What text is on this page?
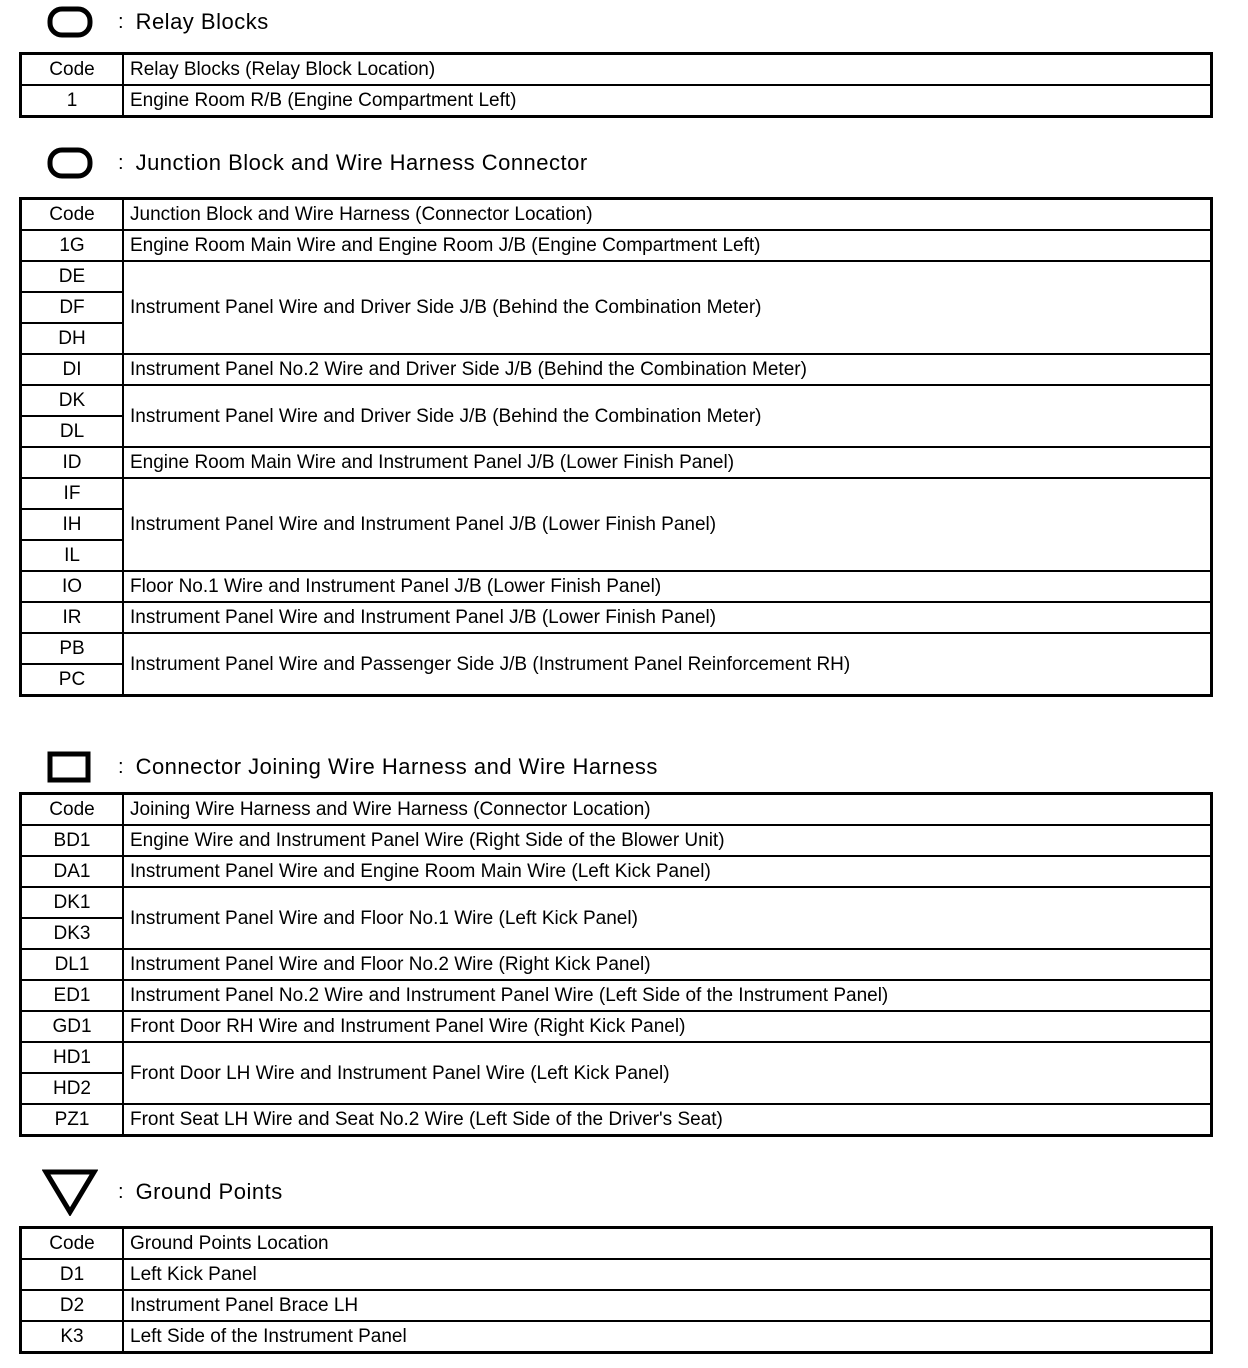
: Relay Blocks
Code	Relay Blocks (Relay Block Location)
1	Engine Room R/B (Engine Compartment Left)
: Junction Block and Wire Harness Connector
Code	Junction Block and Wire Harness (Connector Location)
1G	Engine Room Main Wire and Engine Room J/B (Engine Compartment Left)
DE	Instrument Panel Wire and Driver Side J/B (Behind the Combination Meter)
DF	
DH	
DI	Instrument Panel No.2 Wire and Driver Side J/B (Behind the Combination Meter)
DK	Instrument Panel Wire and Driver Side J/B (Behind the Combination Meter)
DL	
ID	Engine Room Main Wire and Instrument Panel J/B (Lower Finish Panel)
IF	Instrument Panel Wire and Instrument Panel J/B (Lower Finish Panel)
IH	
IL	
IO	Floor No.1 Wire and Instrument Panel J/B (Lower Finish Panel)
IR	Instrument Panel Wire and Instrument Panel J/B (Lower Finish Panel)
PB	Instrument Panel Wire and Passenger Side J/B (Instrument Panel Reinforcement RH)
PC	
: Connector Joining Wire Harness and Wire Harness
Code	Joining Wire Harness and Wire Harness (Connector Location)
BD1	Engine Wire and Instrument Panel Wire (Right Side of the Blower Unit)
DA1	Instrument Panel Wire and Engine Room Main Wire (Left Kick Panel)
DK1	Instrument Panel Wire and Floor No.1 Wire (Left Kick Panel)
DK3	
DL1	Instrument Panel Wire and Floor No.2 Wire (Right Kick Panel)
ED1	Instrument Panel No.2 Wire and Instrument Panel Wire (Left Side of the Instrument Panel)
GD1	Front Door RH Wire and Instrument Panel Wire (Right Kick Panel)
HD1	Front Door LH Wire and Instrument Panel Wire (Left Kick Panel)
HD2	
PZ1	Front Seat LH Wire and Seat No.2 Wire (Left Side of the Driver's Seat)
: Ground Points
Code	Ground Points Location
D1	Left Kick Panel
D2	Instrument Panel Brace LH
K3	Left Side of the Instrument Panel
